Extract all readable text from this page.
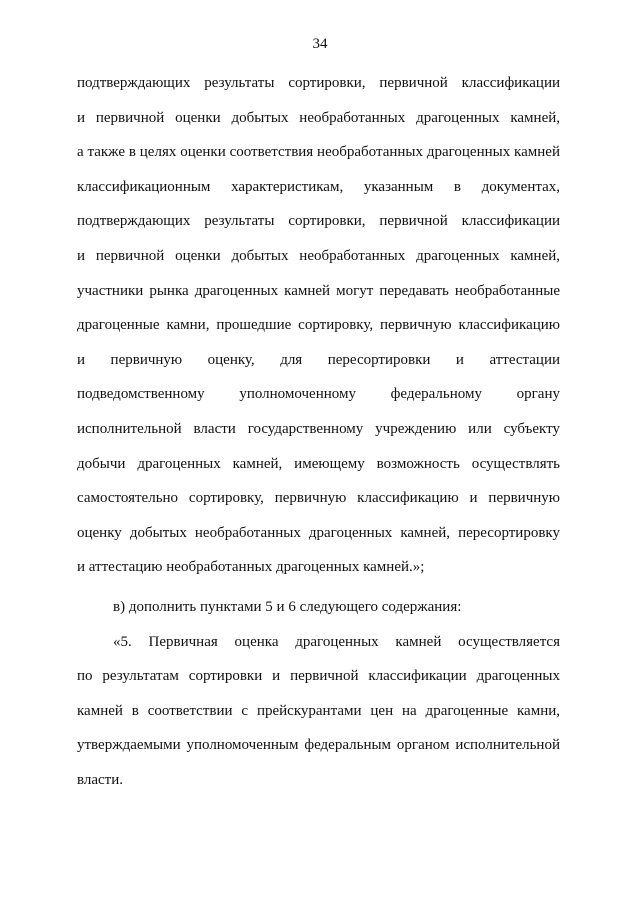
34
подтверждающих результаты сортировки, первичной классификации
и первичной оценки добытых необработанных драгоценных камней,
а также в целях оценки соответствия необработанных драгоценных камней
классификационным характеристикам, указанным в документах,
подтверждающих результаты сортировки, первичной классификации
и первичной оценки добытых необработанных драгоценных камней,
участники рынка драгоценных камней могут передавать необработанные
драгоценные камни, прошедшие сортировку, первичную классификацию
и первичную оценку, для пересортировки и аттестации
подведомственному уполномоченному федеральному органу
исполнительной власти государственному учреждению или субъекту
добычи драгоценных камней, имеющему возможность осуществлять
самостоятельно сортировку, первичную классификацию и первичную
оценку добытых необработанных драгоценных камней, пересортировку
и аттестацию необработанных драгоценных камней.»;
в) дополнить пунктами 5 и 6 следующего содержания:
«5. Первичная оценка драгоценных камней осуществляется
по результатам сортировки и первичной классификации драгоценных
камней в соответствии с прейскурантами цен на драгоценные камни,
утверждаемыми уполномоченным федеральным органом исполнительной
власти.
